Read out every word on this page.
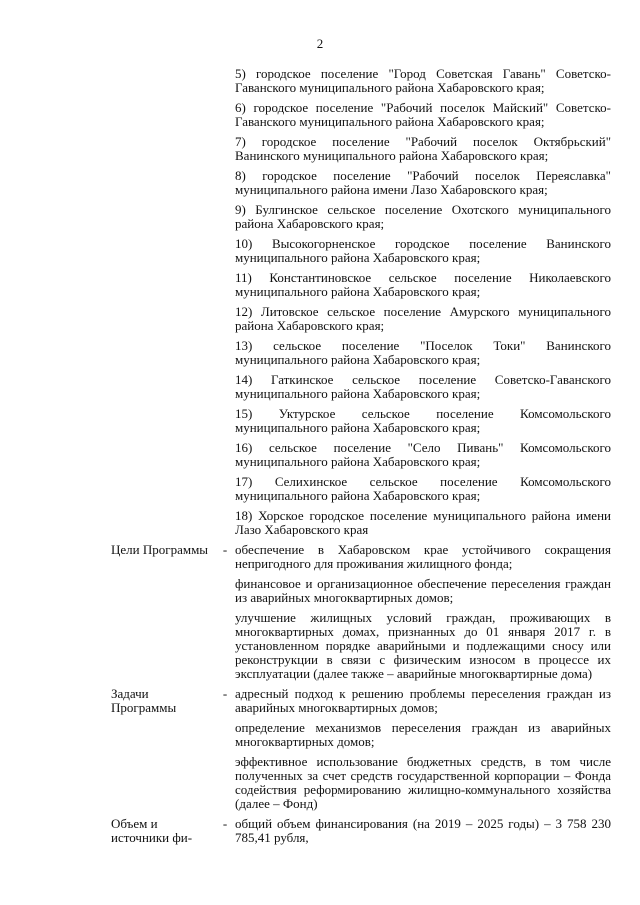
2

5) городское поселение "Город Советская Гавань" Советско-Гаванского муниципального района Хабаровского края;

6) городское поселение "Рабочий поселок Майский" Советско-Гаванского муниципального района Хабаровского края;

7) городское поселение "Рабочий поселок Октябрьский" Ванинского муниципального района Хабаровского края;

8) городское поселение "Рабочий поселок Переяславка" муниципального района имени Лазо Хабаровского края;

9) Булгинское сельское поселение Охотского муниципального района Хабаровского края;

10) Высокогорненское городское поселение Ванинского муниципального района Хабаровского края;

11) Константиновское сельское поселение Николаевского муниципального района Хабаровского края;

12) Литовское сельское поселение Амурского муниципального района Хабаровского края;

13) сельское поселение "Поселок Токи" Ванинского муниципального района Хабаровского края;

14) Гаткинское сельское поселение Советско-Гаванского муниципального района Хабаровского края;

15) Уктурское сельское поселение Комсомольского муниципального района Хабаровского края;

16) сельское поселение "Село Пивань" Комсомольского муниципального района Хабаровского края;

17) Селихинское сельское поселение Комсомольского муниципального района Хабаровского края;

18) Хорское городское поселение муниципального района имени Лазо Хабаровского края

Цели Программы	- обеспечение в Хабаровском крае устойчивого сокращения непригодного для проживания жилищного фонда;

финансовое и организационное обеспечение переселения граждан из аварийных многоквартирных домов;

улучшение жилищных условий граждан, проживающих в многоквартирных домах, признанных до 01 января 2017 г. в установленном порядке аварийными и подлежащими сносу или реконструкции в связи с физическим износом в процессе их эксплуатации (далее также – аварийные многоквартирные дома)

Задачи Программы
- адресный подход к решению проблемы переселения граждан из аварийных многоквартирных домов;

определение механизмов переселения граждан из аварийных многоквартирных домов;

эффективное использование бюджетных средств, в том числе полученных за счет средств государственной корпорации – Фонда содействия реформированию жилищно-коммунального хозяйства (далее – Фонд)

Объем и источники фи-
- общий объем финансирования (на 2019 – 2025 годы) – 3 758 230 785,41 рубля,
